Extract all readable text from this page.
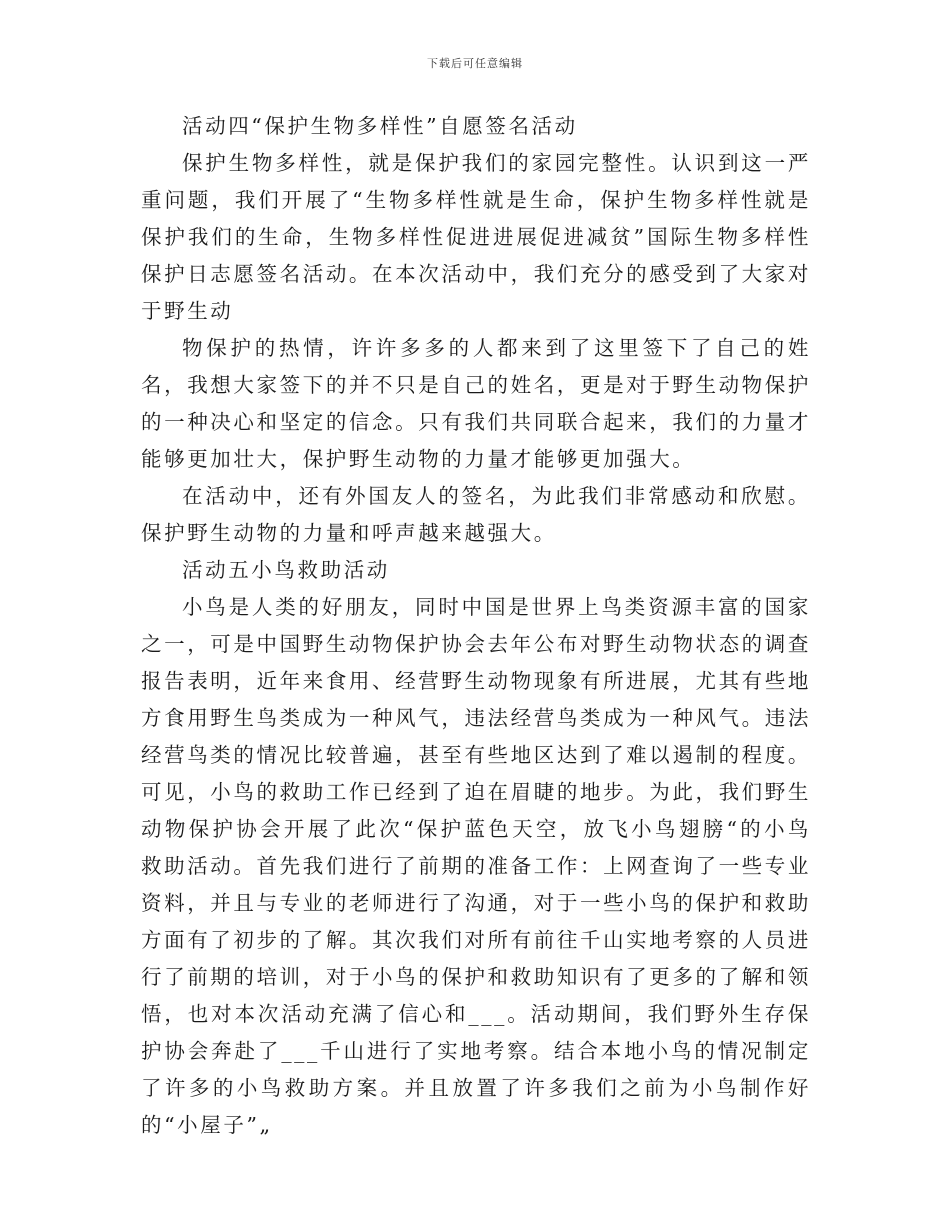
下载后可任意编辑

活动四“保护生物多样性”自愿签名活动

保护生物多样性，就是保护我们的家园完整性。认识到这一严重问题，我们开展了“生物多样性就是生命，保护生物多样性就是保护我们的生命，生物多样性促进进展促进减贫”国际生物多样性保护日志愿签名活动。在本次活动中，我们充分的感受到了大家对于野生动

物保护的热情，许许多多的人都来到了这里签下了自己的姓名，我想大家签下的并不只是自己的姓名，更是对于野生动物保护的一种决心和坚定的信念。只有我们共同联合起来，我们的力量才能够更加壮大，保护野生动物的力量才能够更加强大。

在活动中，还有外国友人的签名，为此我们非常感动和欣慰。保护野生动物的力量和呼声越来越强大。

活动五小鸟救助活动

小鸟是人类的好朋友，同时中国是世界上鸟类资源丰富的国家之一，可是中国野生动物保护协会去年公布对野生动物状态的调查报告表明，近年来食用、经营野生动物现象有所进展，尤其有些地方食用野生鸟类成为一种风气，违法经营鸟类成为一种风气。违法经营鸟类的情况比较普遍，甚至有些地区达到了难以遏制的程度。可见，小鸟的救助工作已经到了迫在眉睫的地步。为此，我们野生动物保护协会开展了此次“保护蓝色天空，放飞小鸟翅膀“的小鸟救助活动。首先我们进行了前期的准备工作：上网查询了一些专业资料，并且与专业的老师进行了沟通，对于一些小鸟的保护和救助方面有了初步的了解。其次我们对所有前往千山实地考察的人员进行了前期的培训，对于小鸟的保护和救助知识有了更多的了解和领悟，也对本次活动充满了信心和___。活动期间，我们野外生存保护协会奔赴了___千山进行了实地考察。结合本地小鸟的情况制定了许多的小鸟救助方案。并且放置了许多我们之前为小鸟制作好的“小屋子”„
